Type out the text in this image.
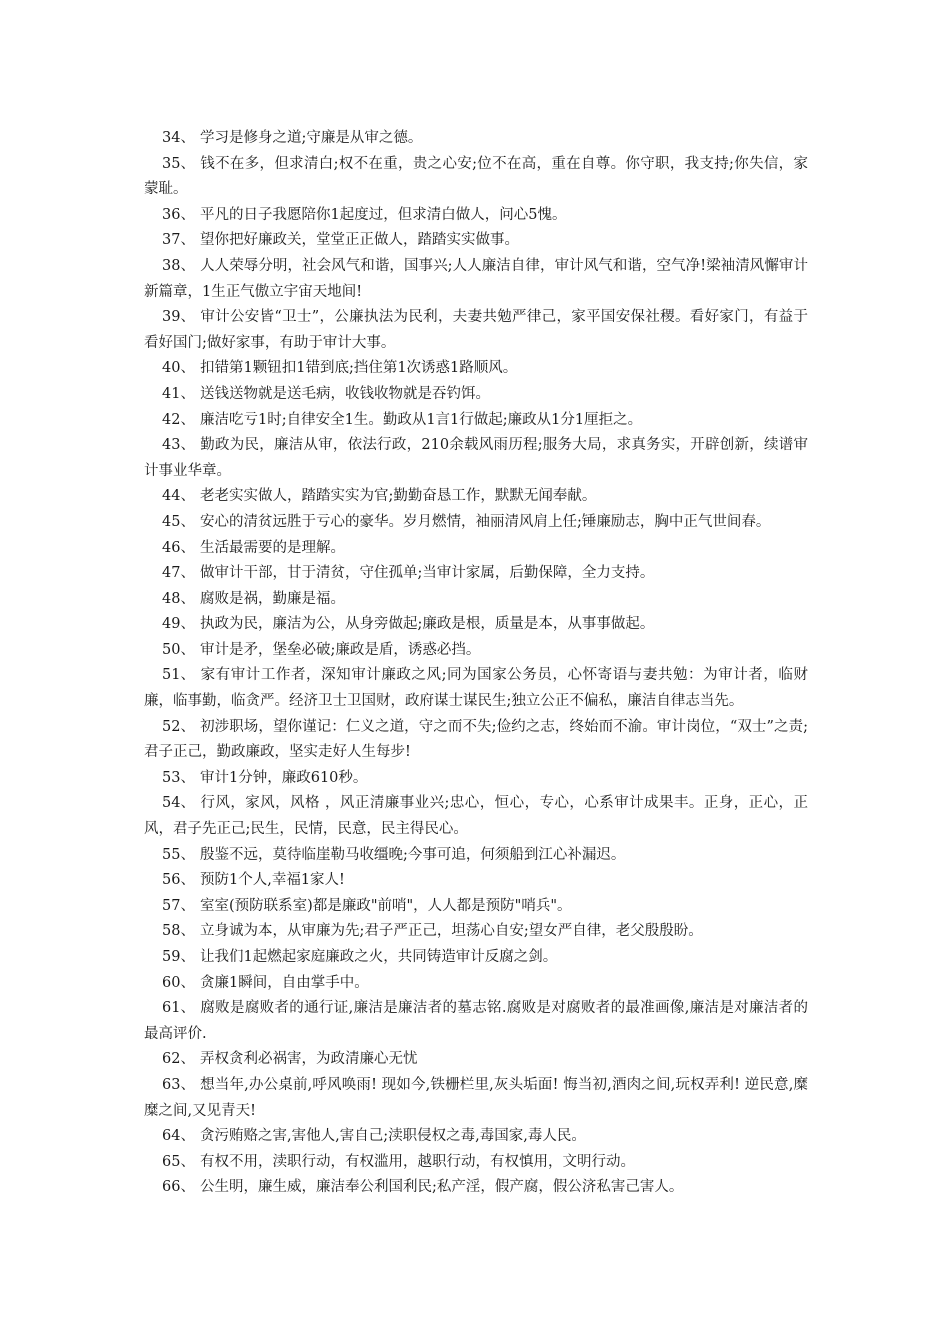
34、 学习是修身之道;守廉是从审之德。

35、 钱不在多，但求清白;权不在重，贵之心安;位不在高，重在自尊。你守职，我支持;你失信，家蒙耻。

36、 平凡的日子我愿陪你1起度过，但求清白做人，问心5愧。

37、 望你把好廉政关，堂堂正正做人，踏踏实实做事。

38、 人人荣辱分明，社会风气和谐，国事兴;人人廉洁自律，审计风气和谐，空气净!梁袖清风懈审计新篇章，1生正气傲立宇宙天地间!

39、 审计公安皆“卫士”，公廉执法为民利，夫妻共勉严律己，家平国安保社稷。看好家门，有益于看好国门;做好家事，有助于审计大事。

40、 扣错第1颗钮扣1错到底;挡住第1次诱惑1路顺风。

41、 送钱送物就是送毛病，收钱收物就是吞钓饵。

42、 廉洁吃亏1时;自律安全1生。勤政从1言1行做起;廉政从1分1厘拒之。

43、 勤政为民，廉洁从审，依法行政，210余载风雨历程;服务大局，求真务实，开辟创新，续谱审计事业华章。

44、 老老实实做人，踏踏实实为官;勤勤奋恳工作，默默无闻奉献。

45、 安心的清贫远胜于亏心的豪华。岁月燃情，袖丽清风肩上任;锤廉励志，胸中正气世间春。

46、 生活最需要的是理解。

47、 做审计干部，甘于清贫，守住孤单;当审计家属，后勤保障，全力支持。

48、 腐败是祸，勤廉是福。

49、 执政为民，廉洁为公，从身旁做起;廉政是根，质量是本，从事事做起。

50、 审计是矛，堡垒必破;廉政是盾，诱惑必挡。

51、 家有审计工作者，深知审计廉政之风;同为国家公务员，心怀寄语与妻共勉：为审计者，临财廉，临事勤，临贪严。经济卫士卫国财，政府谋士谋民生;独立公正不偏私，廉洁自律志当先。

52、 初涉职场，望你谨记：仁义之道，守之而不失;俭约之志，终始而不渝。审计岗位，“双士”之责;君子正己，勤政廉政，坚实走好人生每步!

53、 审计1分钟，廉政610秒。

54、 行风，家风，风格 ，风正清廉事业兴;忠心，恒心，专心，心系审计成果丰。正身，正心，正风，君子先正己;民生，民情，民意，民主得民心。

55、 殷鉴不远，莫待临崖勒马收缰晚;今事可追，何须船到江心补漏迟。

56、 预防1个人,幸福1家人!

57、 室室(预防联系室)都是廉政"前哨"，人人都是预防"哨兵"。

58、 立身诚为本，从审廉为先;君子严正己，坦荡心自安;望女严自律，老父殷殷盼。

59、 让我们1起燃起家庭廉政之火，共同铸造审计反腐之剑。

60、 贪廉1瞬间，自由掌手中。

61、 腐败是腐败者的通行证,廉洁是廉洁者的墓志铭.腐败是对腐败者的最准画像,廉洁是对廉洁者的最高评价.

62、 弄权贪利必祸害，为政清廉心无忧

63、 想当年,办公桌前,呼风唤雨! 现如今,铁栅栏里,灰头垢面! 悔当初,酒肉之间,玩权弄利! 逆民意,糜糜之间,又见青天!

64、 贪污贿赂之害,害他人,害自己;渎职侵权之毒,毒国家,毒人民。

65、 有权不用，渎职行动，有权滥用，越职行动，有权慎用，文明行动。

66、 公生明，廉生威，廉洁奉公利国利民;私产淫，假产腐，假公济私害己害人。
